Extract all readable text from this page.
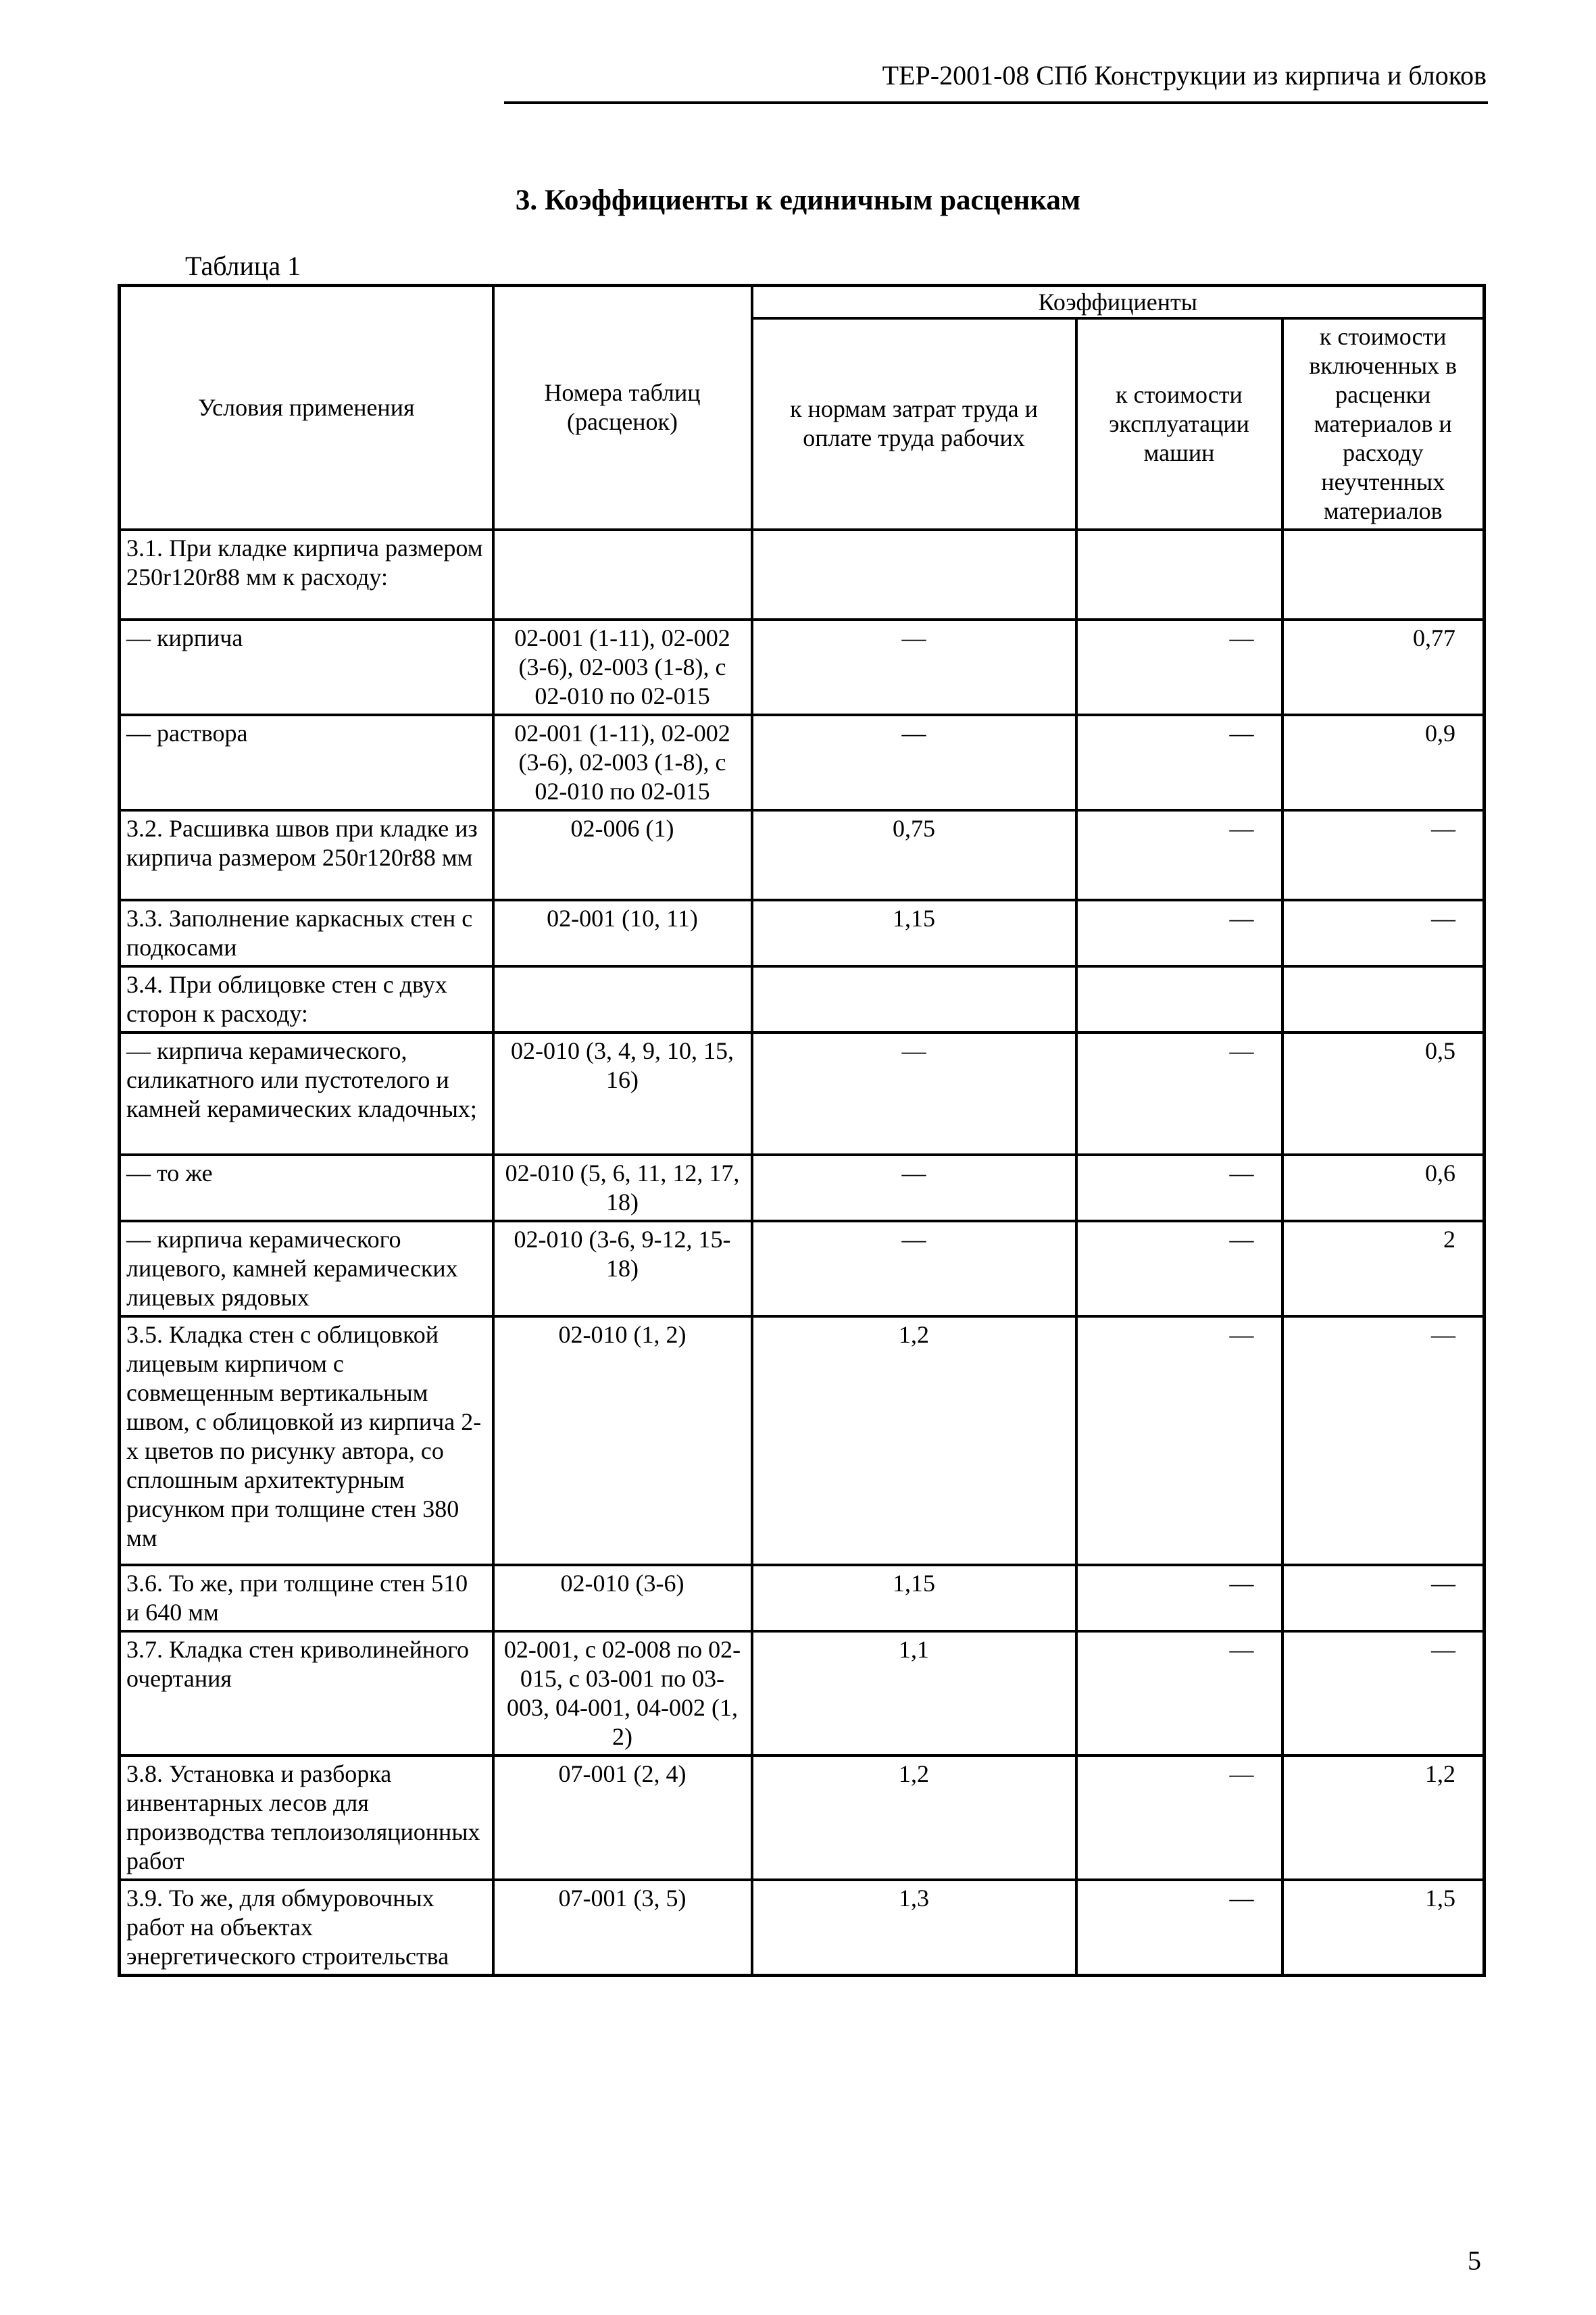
ТЕР-2001-08 СПб Конструкции из кирпича и блоков
3. Коэффициенты к единичным расценкам
Таблица 1
Условия применения	Номера таблиц (расценок)	Коэффициенты		
		к нормам затрат труда и оплате труда рабочих	к стоимости эксплуатации машин	к стоимости включенных в расценки материалов и расходу неучтенных материалов
3.1. При кладке кирпича размером 250r120r88 мм к расходу:				
— кирпича	02-001 (1-11), 02-002 (3-6), 02-003 (1-8), с 02-010 по 02-015	—	—	0,77
— раствора	02-001 (1-11), 02-002 (3-6), 02-003 (1-8), с 02-010 по 02-015	—	—	0,9
3.2. Расшивка швов при кладке из кирпича размером 250r120r88 мм	02-006 (1)	0,75	—	—
3.3. Заполнение каркасных стен с подкосами	02-001 (10, 11)	1,15	—	—
3.4. При облицовке стен с двух сторон к расходу:				
— кирпича керамического, силикатного или пустотелого и камней керамических кладочных;	02-010 (3, 4, 9, 10, 15, 16)	—	—	0,5
— то же	02-010 (5, 6, 11, 12, 17, 18)	—	—	0,6
— кирпича керамического лицевого, камней керамических лицевых рядовых	02-010 (3-6, 9-12, 15-18)	—	—	2
3.5. Кладка стен с облицовкой лицевым кирпичом с совмещенным вертикальным швом, с облицовкой из кирпича 2-х цветов по рисунку автора, со сплошным архитектурным рисунком при толщине стен 380 мм	02-010 (1, 2)	1,2	—	—
3.6. То же, при толщине стен 510 и 640 мм	02-010 (3-6)	1,15	—	—
3.7. Кладка стен криволинейного очертания	02-001, с 02-008 по 02-015, с 03-001 по 03-003, 04-001, 04-002 (1, 2)	1,1	—	—
3.8. Установка и разборка инвентарных лесов для производства теплоизоляционных работ	07-001 (2, 4)	1,2	—	1,2
3.9. То же, для обмуровочных работ на объектах энергетического строительства	07-001 (3, 5)	1,3	—	1,5
5
